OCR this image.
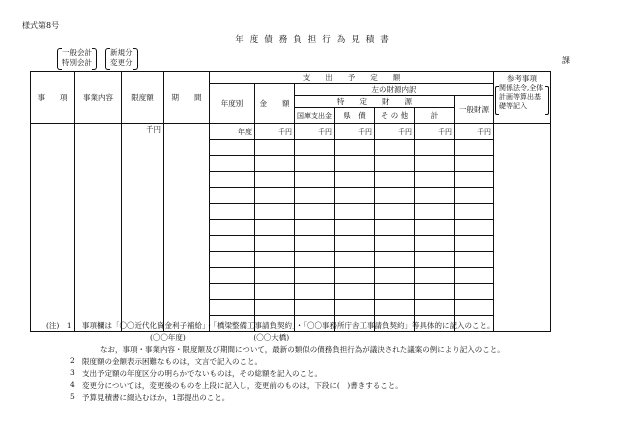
様式第8号
年度債務負担行為見積書
一般会計
特別会計
新規分
変更分	課
事　　項	事業内容	限度額	期　　間	支　　出　　予　　定　　額							参考事項
関係法令,全体計画等算出基礎等記入

				年度別	金　　額	左の財源内訳					
						特　　定　　財　　源				一般財源	
						国庫支出金	県　債	そ の 他	計		
		千円		年度	千円	千円	千円	千円	千円	千円	

(注)　1 事項欄は「〇〇近代化資金利子補給」・「橋梁整備工事請負契約」・「〇〇事務所庁舎工事請負契約」等具体的に記入のこと。
(〇〇年度)　　　　　　　　　(〇〇大橋)
なお，事項・事業内容・限度額及び期間について，最新の類似の債務負担行為が議決された議案の例により記入のこと。
2 限度額の金額表示困難なものは，文言で記入のこと。
3 支出予定額の年度区分の明らかでないものは，その総額を記入のこと。
4 変更分については，変更後のものを上段に記入し，変更前のものは，下段に(　)書きすること。
5 予算見積書に綴込むほか，1部提出のこと。
